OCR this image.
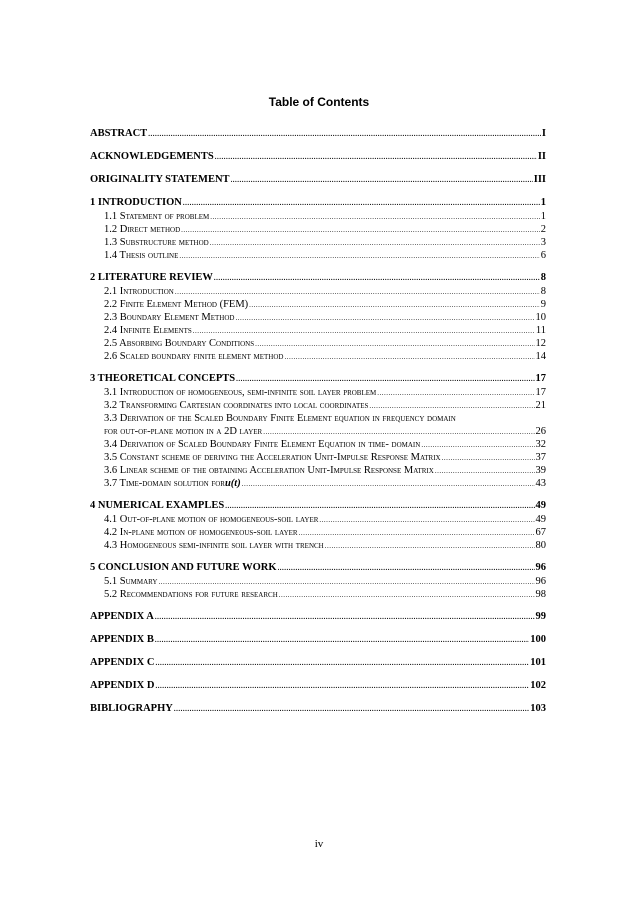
Table of Contents
ABSTRACT .....	I
ACKNOWLEDGEMENTS .....	II
ORIGINALITY STATEMENT .....	III
1 INTRODUCTION .....	1
1.1 Statement of problem .....	1
1.2 Direct method .....	2
1.3 Substructure method .....	3
1.4 Thesis outline .....	6
2 LITERATURE REVIEW .....	8
2.1 Introduction .....	8
2.2 Finite Element Method (FEM) .....	9
2.3 Boundary Element Method .....	10
2.4 Infinite Elements .....	11
2.5 Absorbing Boundary Conditions .....	12
2.6 Scaled boundary finite element method .....	14
3 THEORETICAL CONCEPTS .....	17
3.1 Introduction of homogeneous, semi-infinite soil layer problem .....	17
3.2 Transforming Cartesian coordinates into local coordinates .....	21
3.3 Derivation of the Scaled Boundary Finite Element equation in frequency domain
for out-of-plane motion in a 2D layer .....	26
3.4 Derivation of Scaled Boundary Finite Element Equation in time- domain .....	32
3.5 Constant scheme of deriving the Acceleration Unit-Impulse Response Matrix .....	37
3.6 Linear scheme of the obtaining Acceleration Unit-Impulse Response Matrix .....	39
3.7 Time-domain solution for u(t) .....	43
4 NUMERICAL EXAMPLES .....	49
4.1 Out-of-plane motion of homogeneous-soil layer .....	49
4.2 In-plane motion of homogeneous-soil layer .....	67
4.3 Homogeneous semi-infinite soil layer with trench .....	80
5 CONCLUSION AND FUTURE WORK .....	96
5.1 Summary .....	96
5.2 Recommendations for future research .....	98
APPENDIX A .....	99
APPENDIX B .....	100
APPENDIX C .....	101
APPENDIX D .....	102
BIBLIOGRAPHY .....	103
iv
